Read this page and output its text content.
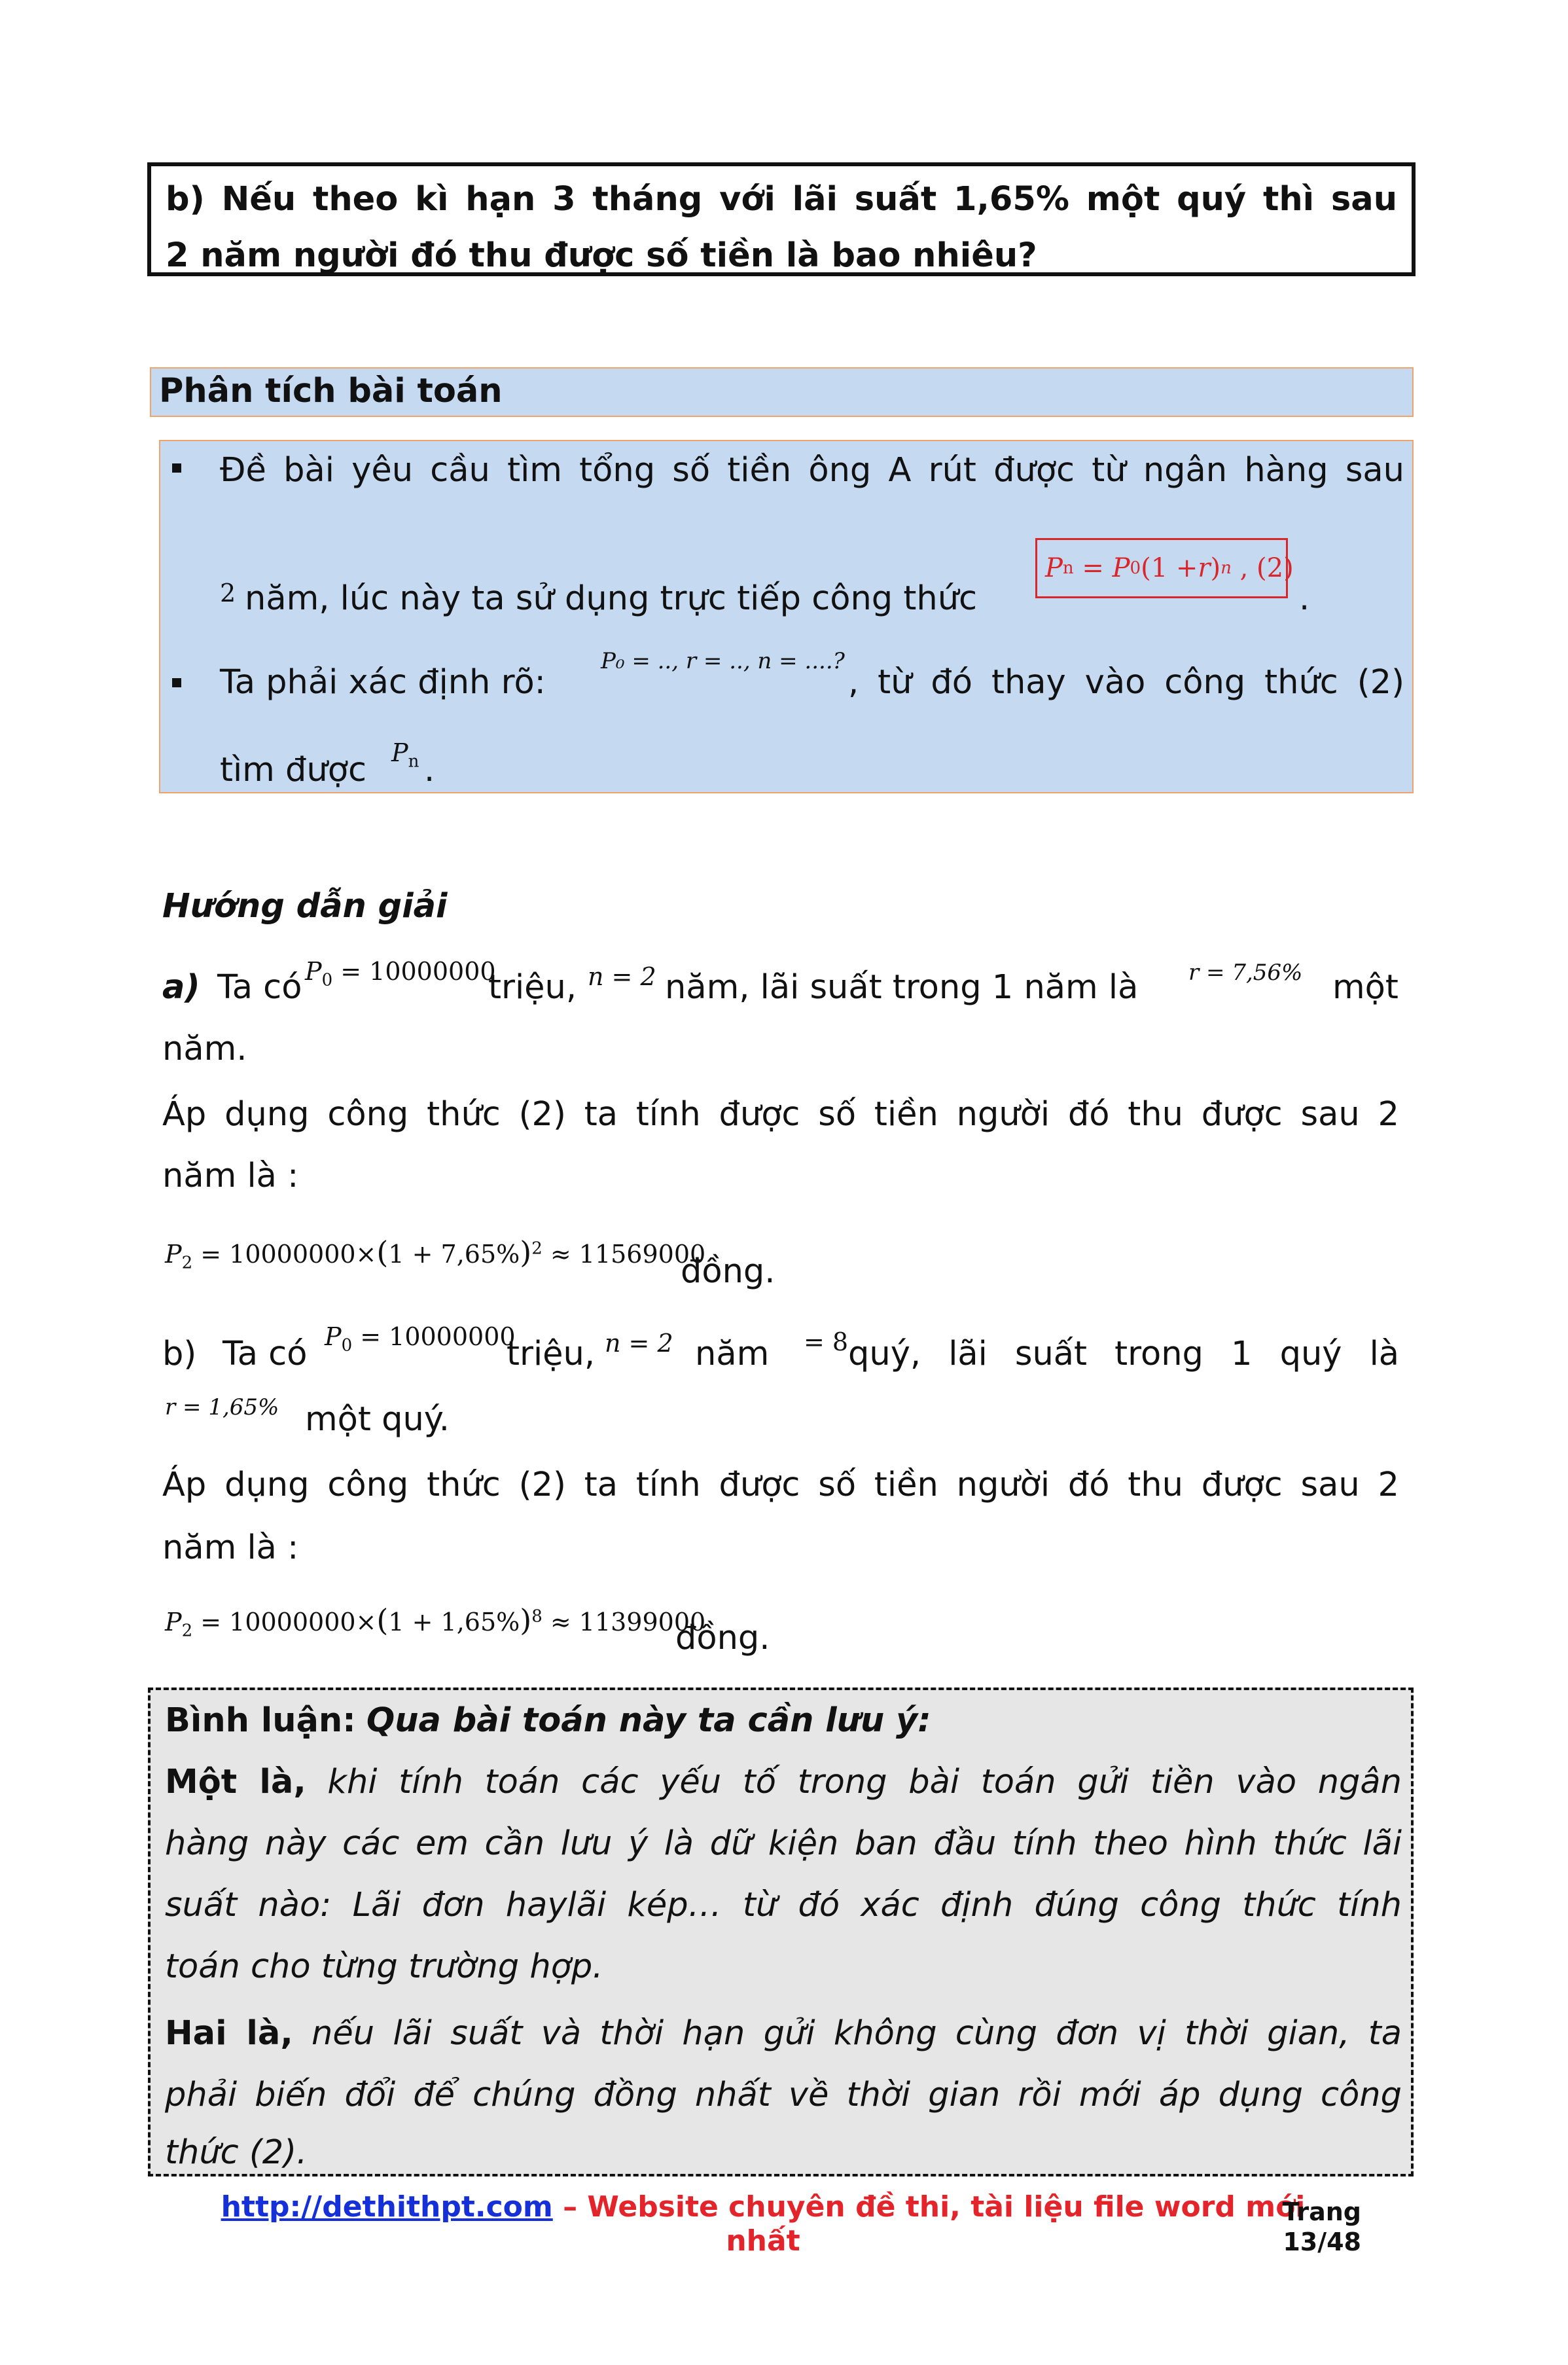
b) Nếu theo kì hạn 3 tháng với lãi suất 1,65% một quý thì sau
2 năm người đó thu được số tiền là bao nhiêu?
Phân tích bài toán
Đề bài yêu cầu tìm tổng số tiền ông A rút được từ ngân hàng sau
2 năm, lúc này ta sử dụng trực tiếp công thức
P n
= P 0 (1 + r ) n , (2)
.
Ta phải xác định rõ:
P₀ = .., r = .., n = ....?
, từ đó thay vào công thức (2)
tìm được $P_n$ .
Hướng dẫn giải
a) Ta có $P_0 = 10000000$
triệu, n = 2 năm, lãi suất trong 1 năm là r = 7,56% một
năm.
Áp dụng công thức (2) ta tính được số tiền người đó thu được sau 2
năm là :
$P_2 = 10000000\times(1 + 7,65\%)^2 \approx 11569000$
đồng.
b) Ta có $P_0 = 10000000$
triệu, n = 2 năm = 8 quý, lãi suất trong 1 quý là
r = 1,65% một quý.
Áp dụng công thức (2) ta tính được số tiền người đó thu được sau 2
năm là :
$P_2 = 10000000\times(1 + 1,65\%)^8 \approx 11399000$
đồng.
Bình luận: Qua bài toán này ta cần lưu ý:
Một là, khi tính toán các yếu tố trong bài toán gửi tiền vào ngân
hàng này các em cần lưu ý là dữ kiện ban đầu tính theo hình thức lãi
suất nào: Lãi đơn haylãi kép… từ đó xác định đúng công thức tính
toán cho từng trường hợp.
Hai là, nếu lãi suất và thời hạn gửi không cùng đơn vị thời gian, ta
phải biến đổi để chúng đồng nhất về thời gian rồi mới áp dụng công
thức (2).
http://dethithpt.com – Website chuyên đề thi, tài liệu file word mới
nhất
Trang
13/48
